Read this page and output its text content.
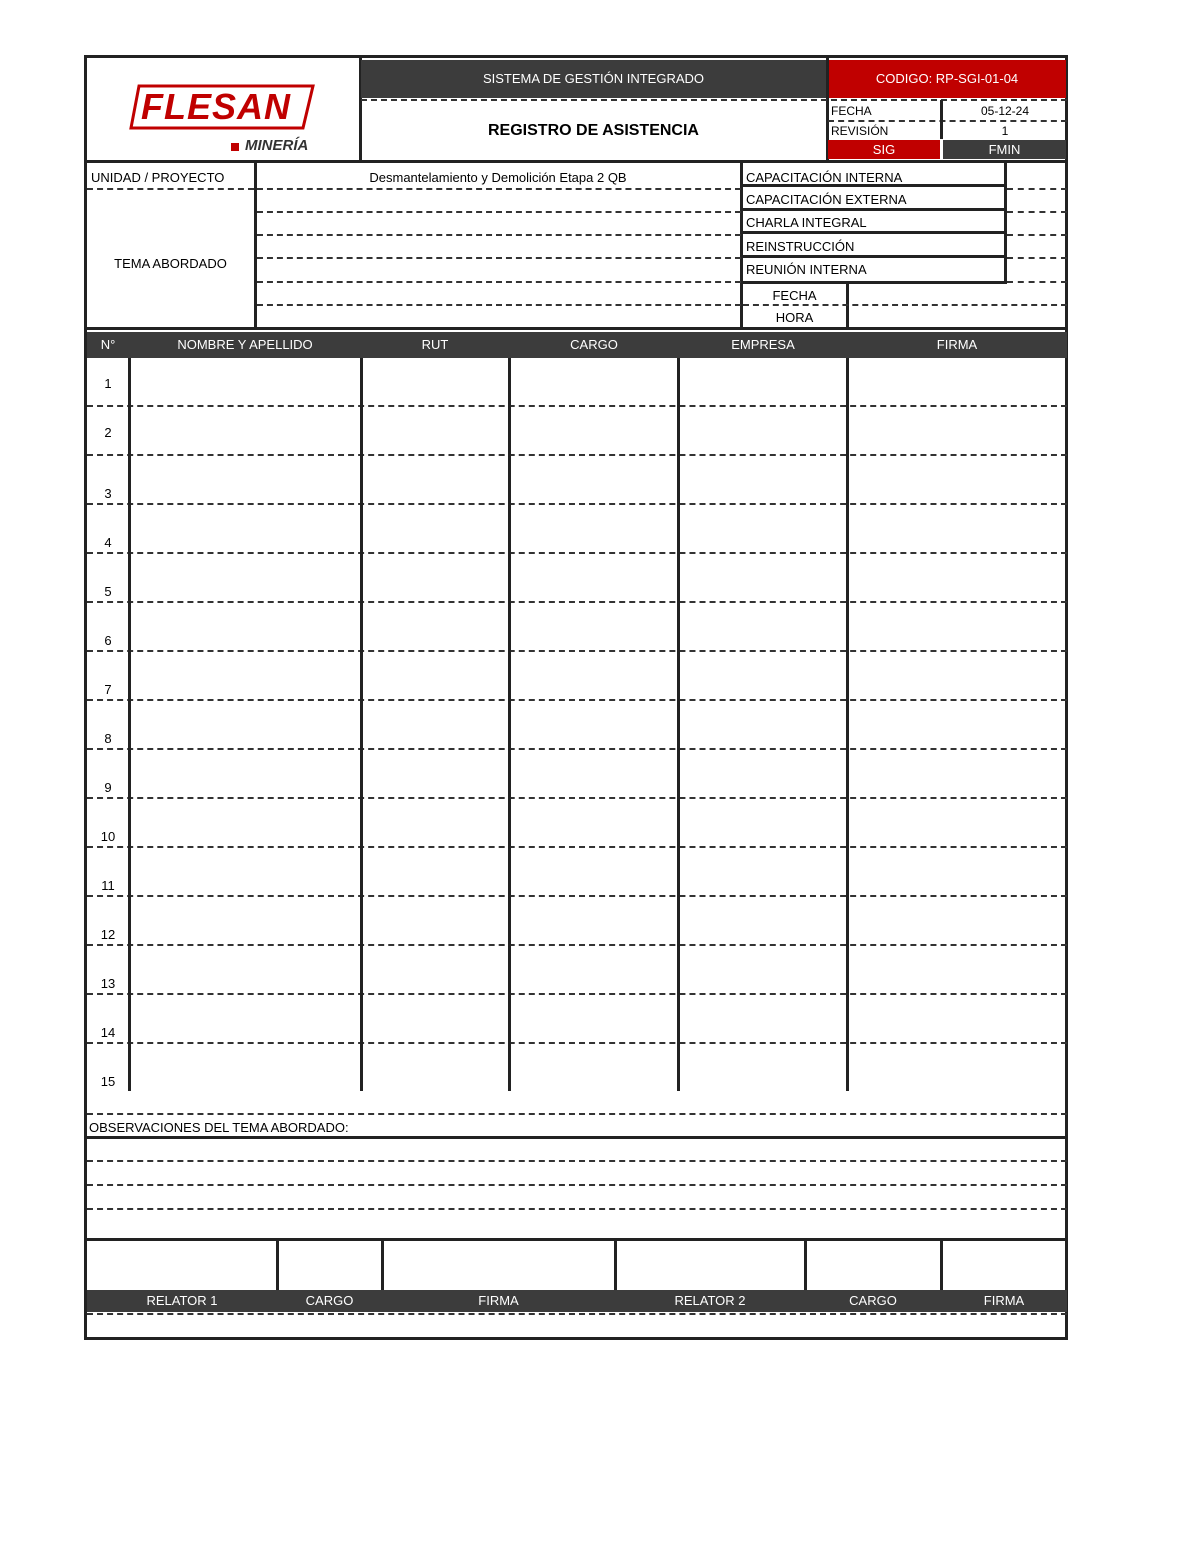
FLESAN
MINERÍA
SISTEMA DE GESTIÓN INTEGRADO	CODIGO: RP-SGI-01-04
REGISTRO DE ASISTENCIA
FECHA	05-12-24
REVISIÓN	1
SIG	FMIN
UNIDAD / PROYECTO	Desmantelamiento y Demolición Etapa 2 QB
TEMA ABORDADO
CAPACITACIÓN INTERNA
CAPACITACIÓN EXTERNA
CHARLA INTEGRAL
REINSTRUCCIÓN
REUNIÓN INTERNA
FECHA
HORA
N°	NOMBRE Y APELLIDO	RUT	CARGO	EMPRESA	FIRMA
1
2
3
4
5
6
7
8
9
10
11
12
13
14
15
OBSERVACIONES DEL TEMA ABORDADO:
RELATOR 1	CARGO	FIRMA	RELATOR 2	CARGO	FIRMA
